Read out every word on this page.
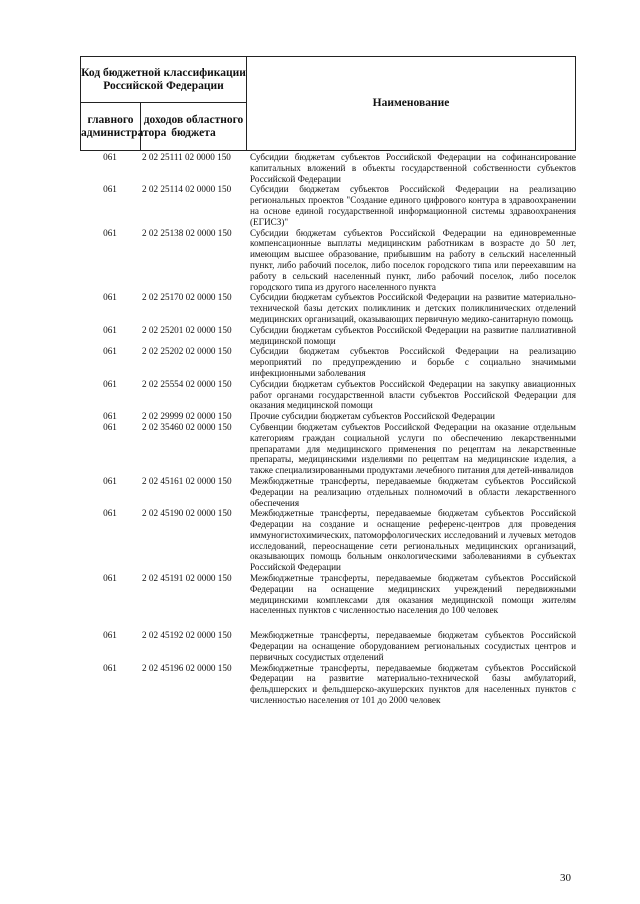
Код бюджетной классификации Российской Федерации		Наименование
главного администратора	доходов областного бюджета	
061	2 02 25111 02 0000 150	Субсидии бюджетам субъектов Российской Федерации на софинансирование капитальных вложений в объекты государственной собственности субъектов Российской Федерации
061	2 02 25114 02 0000 150	Субсидии бюджетам субъектов Российской Федерации на реализацию региональных проектов "Создание единого цифрового контура в здравоохранении на основе единой государственной информационной системы здравоохранения (ЕГИСЗ)"
061	2 02 25138 02 0000 150	Субсидии бюджетам субъектов Российской Федерации на единовременные компенсационные выплаты медицинским работникам в возрасте до 50 лет, имеющим высшее образование, прибывшим на работу в сельский населенный пункт, либо рабочий поселок, либо поселок городского типа или переехавшим на работу в сельский населенный пункт, либо рабочий поселок, либо поселок городского типа из другого населенного пункта
061	2 02 25170 02 0000 150	Субсидии бюджетам субъектов Российской Федерации на развитие материально-технической базы детских поликлиник и детских поликлинических отделений медицинских организаций, оказывающих первичную медико-санитарную помощь
061	2 02 25201 02 0000 150	Субсидии бюджетам субъектов Российской Федерации на развитие паллиативной медицинской помощи
061	2 02 25202 02 0000 150	Субсидии бюджетам субъектов Российской Федерации на реализацию мероприятий по предупреждению и борьбе с социально значимыми инфекционными заболевания
061	2 02 25554 02 0000 150	Субсидии бюджетам субъектов Российской Федерации на закупку авиационных работ органами государственной власти субъектов Российской Федерации для оказания медицинской помощи
061	2 02 29999 02 0000 150	Прочие субсидии бюджетам субъектов Российской Федерации
061	2 02 35460 02 0000 150	Субвенции бюджетам субъектов Российской Федерации на оказание отдельным категориям граждан социальной услуги по обеспечению лекарственными препаратами для медицинского применения по рецептам на лекарственные препараты, медицинскими изделиями по рецептам на медицинские изделия, а также специализированными продуктами лечебного питания для детей-инвалидов
061	2 02 45161 02 0000 150	Межбюджетные трансферты, передаваемые бюджетам субъектов Российской Федерации на реализацию отдельных полномочий в области лекарственного обеспечения
061	2 02 45190 02 0000 150	Межбюджетные трансферты, передаваемые бюджетам субъектов Российской Федерации на создание и оснащение референс-центров для проведения иммуногистохимических, патоморфологических исследований и лучевых методов исследований, переоснащение сети региональных медицинских организаций, оказывающих помощь больным онкологическими заболеваниями в субъектах Российской Федерации
061	2 02 45191 02 0000 150	Межбюджетные трансферты, передаваемые бюджетам субъектов Российской Федерации на оснащение медицинских учреждений передвижными медицинскими комплексами для оказания медицинской помощи жителям населенных пунктов с численностью населения до 100 человек
061	2 02 45192 02 0000 150	Межбюджетные трансферты, передаваемые бюджетам субъектов Российской Федерации на оснащение оборудованием региональных сосудистых центров и первичных сосудистых отделений
061	2 02 45196 02 0000 150	Межбюджетные трансферты, передаваемые бюджетам субъектов Российской Федерации на развитие материально-технической базы амбулаторий, фельдшерских и фельдшерско-акушерских пунктов для населенных пунктов с численностью населения от 101 до 2000 человек
30
